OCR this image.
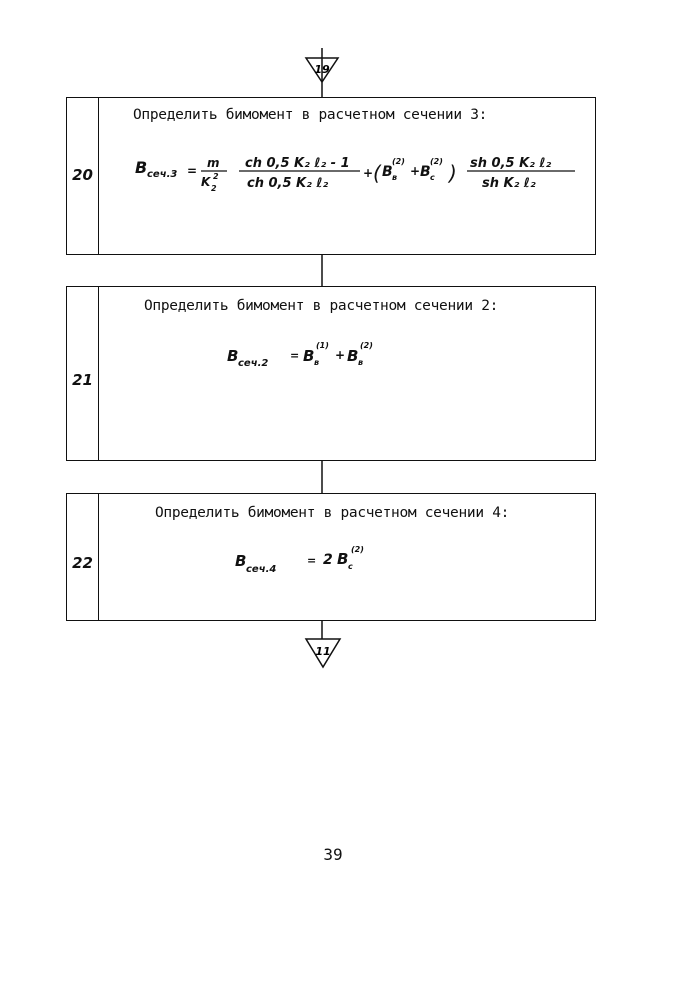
19
11
20
Определить бимомент в расчетном сечении 3:
B сеч.3 =
m
K 2
2
ch 0,5 K₂ ℓ₂ - 1
ch 0,5 K₂ ℓ₂
+ ( B в
(2)
+ B с
(2) ) sh 0,5 K₂ ℓ₂
sh K₂ ℓ₂
21
Определить бимомент в расчетном сечении 2:
B сеч.2
= B в
(1)
+ B в
(2)
22
Определить бимомент в расчетном сечении 4:
B сеч.4
= 2 B с
(2)
39
